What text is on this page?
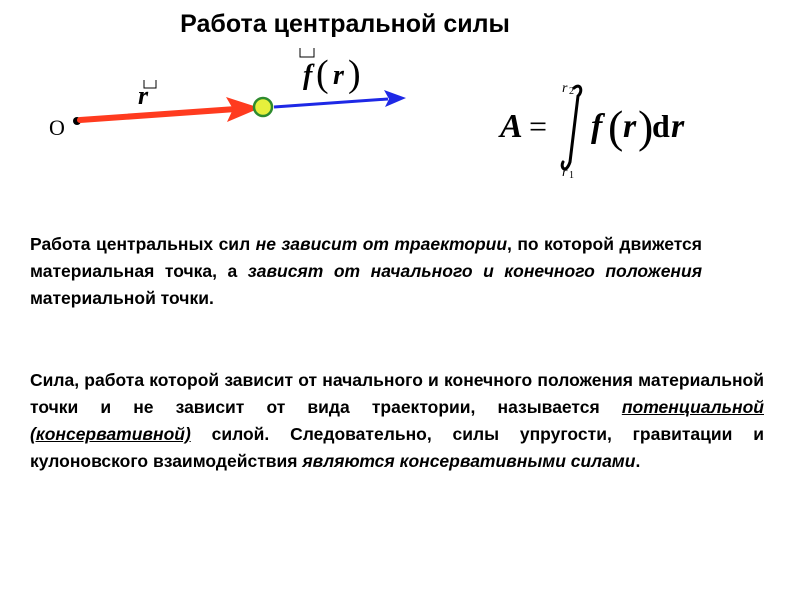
Работа центральной силы
O
r
f ( r )
A =
r 2
r 1
f ( r )
d r

Работа центральных сил не зависит от траектории, по которой движется материальная точка, а зависят от начального и конечного положения материальной точки.

Сила, работа которой зависит от начального и конечного положения материальной точки и не зависит от вида траектории, называется потенциальной (консервативной) силой. Следовательно, силы упругости, гравитации и кулоновского взаимодействия являются консервативными силами.
